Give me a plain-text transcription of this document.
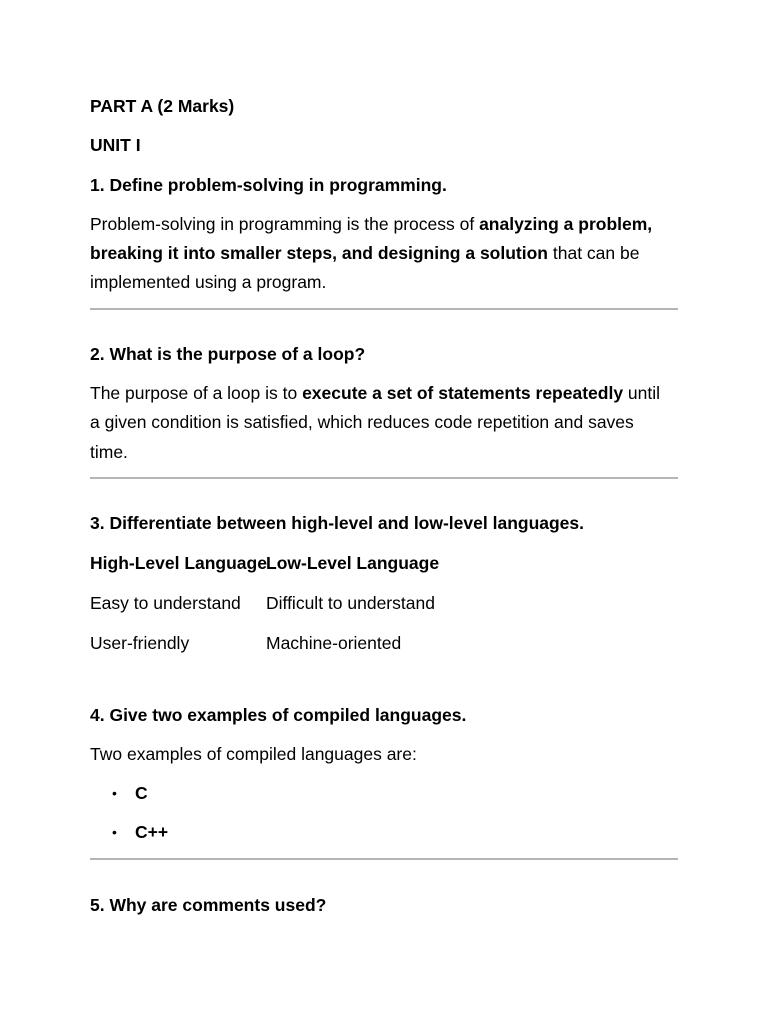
PART A (2 Marks)
UNIT I
1. Define problem-solving in programming.
Problem-solving in programming is the process of analyzing a problem,
breaking it into smaller steps, and designing a solution that can be
implemented using a program.
2. What is the purpose of a loop?
The purpose of a loop is to execute a set of statements repeatedly until
a given condition is satisfied, which reduces code repetition and saves
time.
3. Differentiate between high-level and low-level languages.
High-Level Language Low-Level Language
Easy to understand Difficult to understand
User-friendly	Machine-oriented
4. Give two examples of compiled languages.
Two examples of compiled languages are:
• C
• C++
5. Why are comments used?
